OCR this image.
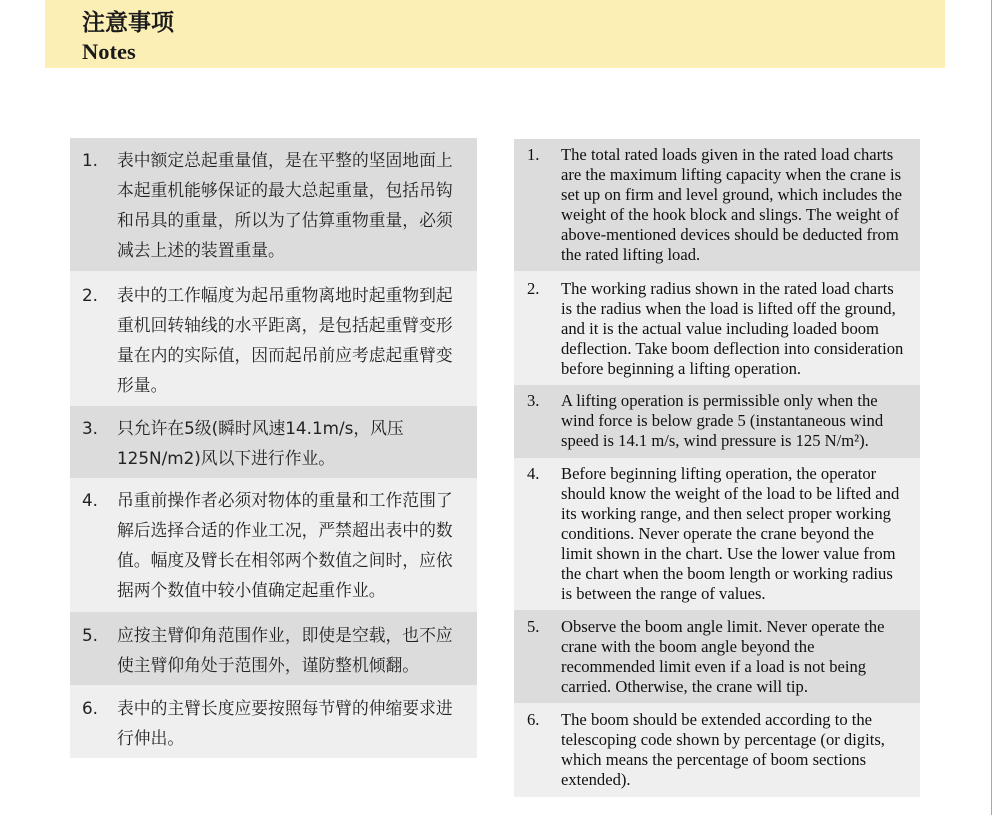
注意事项
Notes
1. 表中额定总起重量值，是在平整的坚固地面上
本起重机能够保证的最大总起重量，包括吊钩
和吊具的重量，所以为了估算重物重量，必须
减去上述的装置重量。
2. 表中的工作幅度为起吊重物离地时起重物到起
重机回转轴线的水平距离，是包括起重臂变形
量在内的实际值，因而起吊前应考虑起重臂变
形量。
3. 只允许在5级(瞬时风速14.1m/s，风压
125N/m2)风以下进行作业。
4. 吊重前操作者必须对物体的重量和工作范围了
解后选择合适的作业工况，严禁超出表中的数
值。幅度及臂长在相邻两个数值之间时，应依
据两个数值中较小值确定起重作业。
5. 应按主臂仰角范围作业，即使是空载，也不应
使主臂仰角处于范围外，谨防整机倾翻。
6. 表中的主臂长度应要按照每节臂的伸缩要求进
行伸出。
1. The total rated loads given in the rated load charts
are the maximum lifting capacity when the crane is
set up on firm and level ground, which includes the
weight of the hook block and slings. The weight of
above-mentioned devices should be deducted from
the rated lifting load.
2. The working radius shown in the rated load charts
is the radius when the load is lifted off the ground,
and it is the actual value including loaded boom
deflection. Take boom deflection into consideration
before beginning a lifting operation.
3. A lifting operation is permissible only when the
wind force is below grade 5 (instantaneous wind
speed is 14.1 m/s, wind pressure is 125 N/m²).
4. Before beginning lifting operation, the operator
should know the weight of the load to be lifted and
its working range, and then select proper working
conditions. Never operate the crane beyond the
limit shown in the chart. Use the lower value from
the chart when the boom length or working radius
is between the range of values.
5. Observe the boom angle limit. Never operate the
crane with the boom angle beyond the
recommended limit even if a load is not being
carried. Otherwise, the crane will tip.
6. The boom should be extended according to the
telescoping code shown by percentage (or digits,
which means the percentage of boom sections
extended).
